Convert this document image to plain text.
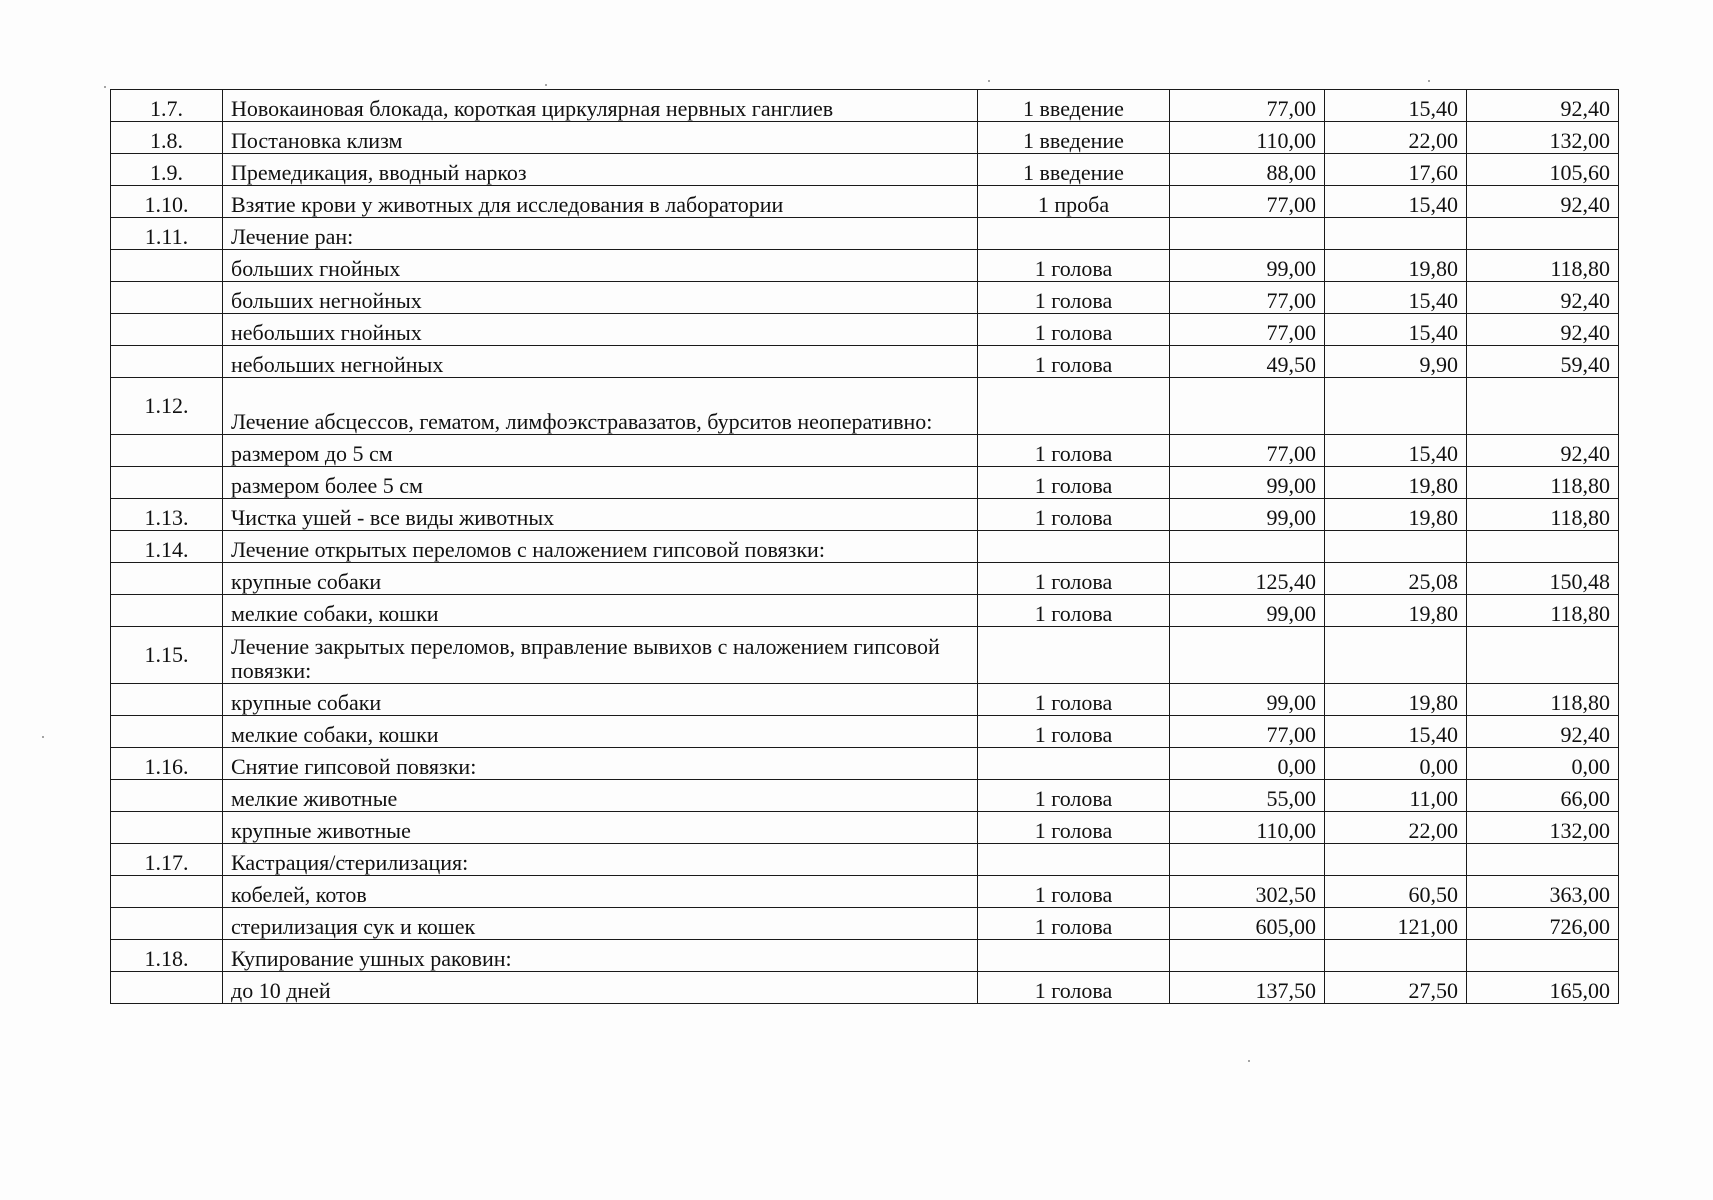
1.7.	Новокаиновая блокада, короткая циркулярная нервных ганглиев	1 введение	77,00	15,40	92,40
1.8.	Постановка клизм	1 введение	110,00	22,00	132,00
1.9.	Премедикация, вводный наркоз	1 введение	88,00	17,60	105,60
1.10.	Взятие крови у животных для исследования в лаборатории	1 проба	77,00	15,40	92,40
1.11.	Лечение ран:				
	больших гнойных	1 голова	99,00	19,80	118,80
	больших негнойных	1 голова	77,00	15,40	92,40
	небольших гнойных	1 голова	77,00	15,40	92,40
	небольших негнойных	1 голова	49,50	9,90	59,40
1.12.	Лечение абсцессов, гематом, лимфоэкстравазатов, бурситов неоперативно:				
	размером до 5 см	1 голова	77,00	15,40	92,40
	размером более 5 см	1 голова	99,00	19,80	118,80
1.13.	Чистка ушей - все виды животных	1 голова	99,00	19,80	118,80
1.14.	Лечение открытых переломов с наложением гипсовой повязки:				
	крупные собаки	1 голова	125,40	25,08	150,48
	мелкие собаки, кошки	1 голова	99,00	19,80	118,80
1.15.	Лечение закрытых переломов, вправление вывихов с наложением гипсовой повязки:				
	крупные собаки	1 голова	99,00	19,80	118,80
	мелкие собаки, кошки	1 голова	77,00	15,40	92,40
1.16.	Снятие гипсовой повязки:		0,00	0,00	0,00
	мелкие животные	1 голова	55,00	11,00	66,00
	крупные животные	1 голова	110,00	22,00	132,00
1.17.	Кастрация/стерилизация:				
	кобелей, котов	1 голова	302,50	60,50	363,00
	стерилизация сук и кошек	1 голова	605,00	121,00	726,00
1.18.	Купирование ушных раковин:				
	до 10 дней	1 голова	137,50	27,50	165,00
